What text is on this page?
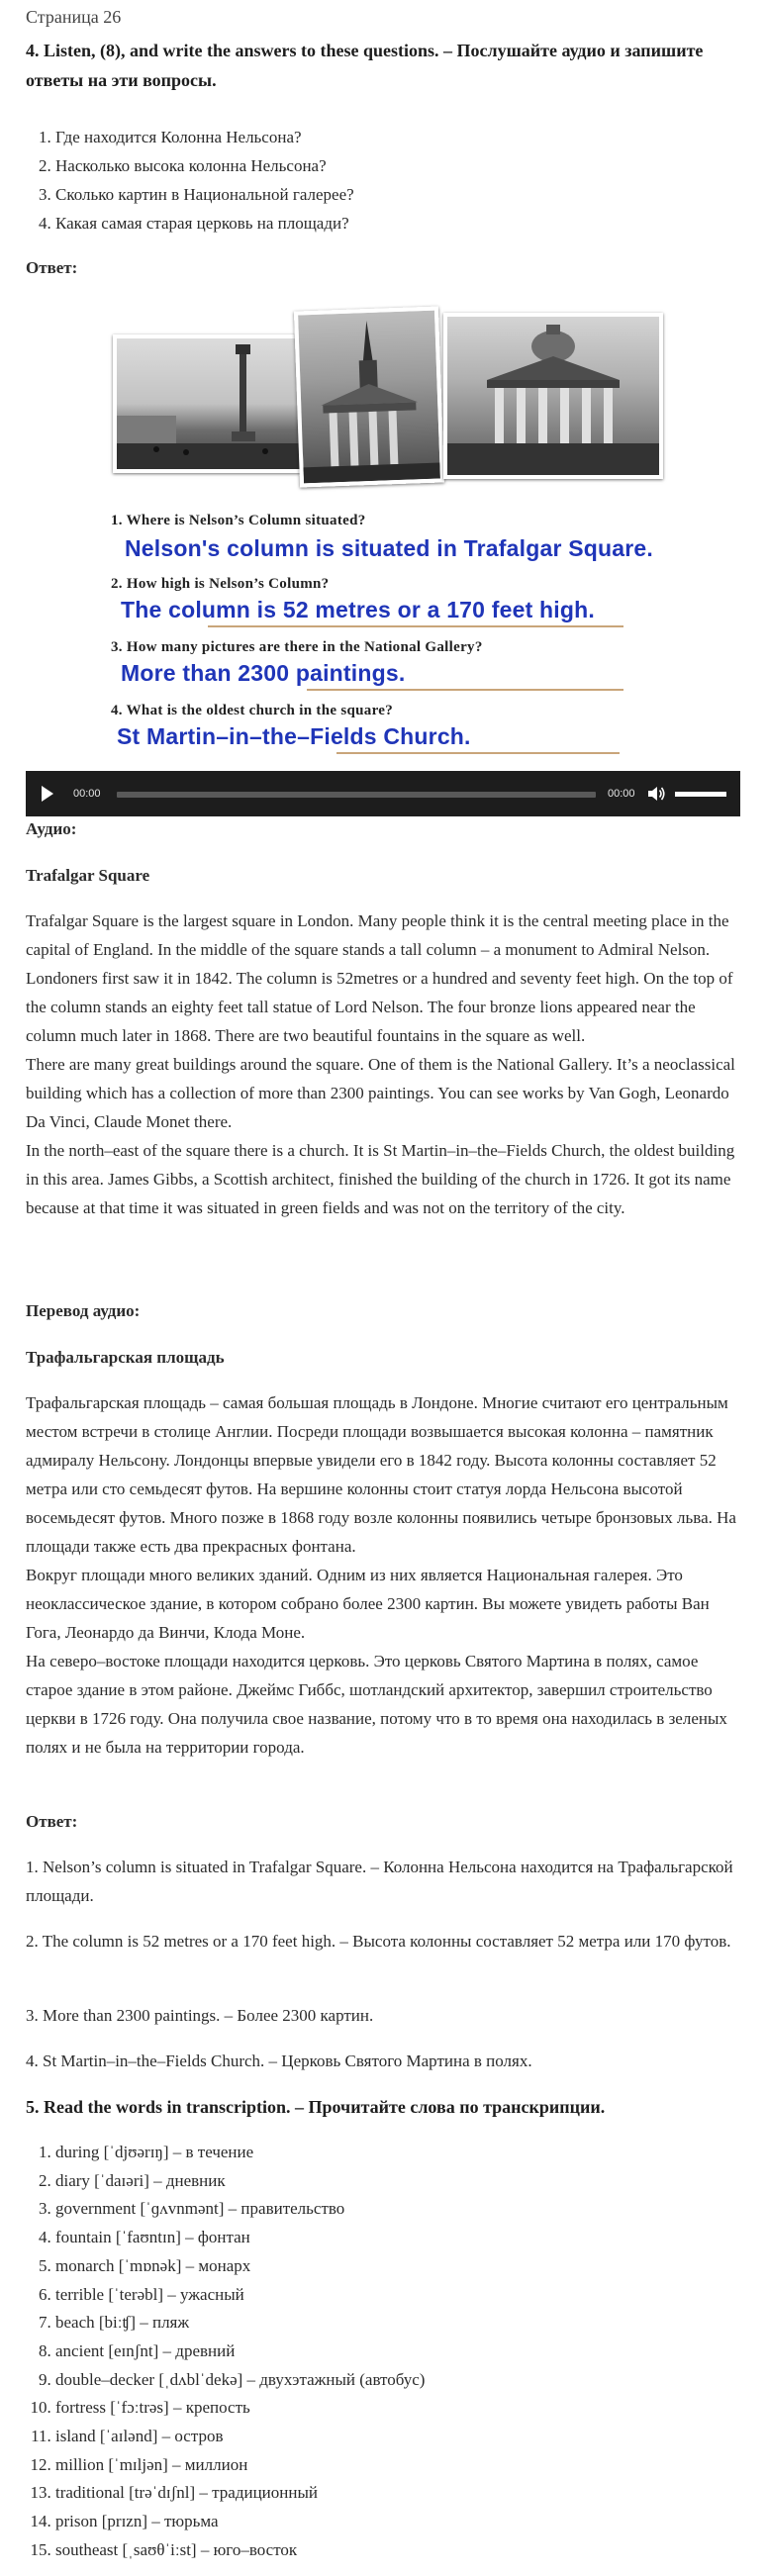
Страница 26
4. Listen, (8), and write the answers to these questions. – Послушайте аудио и запишите ответы на эти вопросы.
1. Где находится Колонна Нельсона?
2. Насколько высока колонна Нельсона?
3. Сколько картин в Национальной галерее?
4. Какая самая старая церковь на площади?
Ответ:
1. Where is Nelson’s Column situated?
Nelson's column is situated in Trafalgar Square.
2. How high is Nelson’s Column?
The column is 52 metres or a 170 feet high.
3. How many pictures are there in the National Gallery?
More than 2300 paintings.
4. What is the oldest church in the square?
St Martin–in–the–Fields Church.
00:00	00:00
Аудио:
Trafalgar Square

Trafalgar Square is the largest square in London. Many people think it is the central meeting place in the capital of England. In the middle of the square stands a tall column – a monument to Admiral Nelson. Londoners first saw it in 1842. The column is 52metres or a hundred and seventy feet high. On the top of the column stands an eighty feet tall statue of Lord Nelson. The four bronze lions appeared near the column much later in 1868. There are two beautiful fountains in the square as well.

There are many great buildings around the square. One of them is the National Gallery. It’s a neoclassical building which has a collection of more than 2300 paintings. You can see works by Van Gogh, Leonardo Da Vinci, Claude Monet there.

In the north–east of the square there is a church. It is St Martin–in–the–Fields Church, the oldest building in this area. James Gibbs, a Scottish architect, finished the building of the church in 1726. It got its name because at that time it was situated in green fields and was not on the territory of the city.

Перевод аудио:
Трафальгарская площадь

Трафальгарская площадь – самая большая площадь в Лондоне. Многие считают его центральным местом встречи в столице Англии. Посреди площади возвышается высокая колонна – памятник адмиралу Нельсону. Лондонцы впервые увидели его в 1842 году. Высота колонны составляет 52 метра или сто семьдесят футов. На вершине колонны стоит статуя лорда Нельсона высотой восемьдесят футов. Много позже в 1868 году возле колонны появились четыре бронзовых льва. На площади также есть два прекрасных фонтана.

Вокруг площади много великих зданий. Одним из них является Национальная галерея. Это неоклассическое здание, в котором собрано более 2300 картин. Вы можете увидеть работы Ван Гога, Леонардо да Винчи, Клода Моне.

На северо–востоке площади находится церковь. Это церковь Святого Мартина в полях, самое старое здание в этом районе. Джеймс Гиббс, шотландский архитектор, завершил строительство церкви в 1726 году. Она получила свое название, потому что в то время она находилась в зеленых полях и не была на территории города.

Ответ:
1. Nelson’s column is situated in Trafalgar Square. – Колонна Нельсона находится на Трафальгарской площади.
2. The column is 52 metres or a 170 feet high. – Высота колонны составляет 52 метра или 170 футов.
3. More than 2300 paintings. – Более 2300 картин.
4. St Martin–in–the–Fields Church. – Церковь Святого Мартина в полях.
5. Read the words in transcription. – Прочитайте слова по транскрипции.
1. during [ˈdjʊərɪŋ] – в течение
2. diary [ˈdaɪəri] – дневник
3. government [ˈɡʌvnmənt] – правительство
4. fountain [ˈfaʊntɪn] – фонтан
5. monarch [ˈmɒnək] – монарх
6. terrible [ˈterəbl] – ужасный
7. beach [biːʧ] – пляж
8. ancient [eɪnʃnt] – древний
9. double–decker [ˌdʌblˈdekə] – двухэтажный (автобус)
10. fortress [ˈfɔːtrəs] – крепость
11. island [ˈaɪlənd] – остров
12. million [ˈmɪljən] – миллион
13. traditional [trəˈdɪʃnl] – традиционный
14. prison [prɪzn] – тюрьма
15. southeast [ˌsaʊθˈiːst] – юго–восток
